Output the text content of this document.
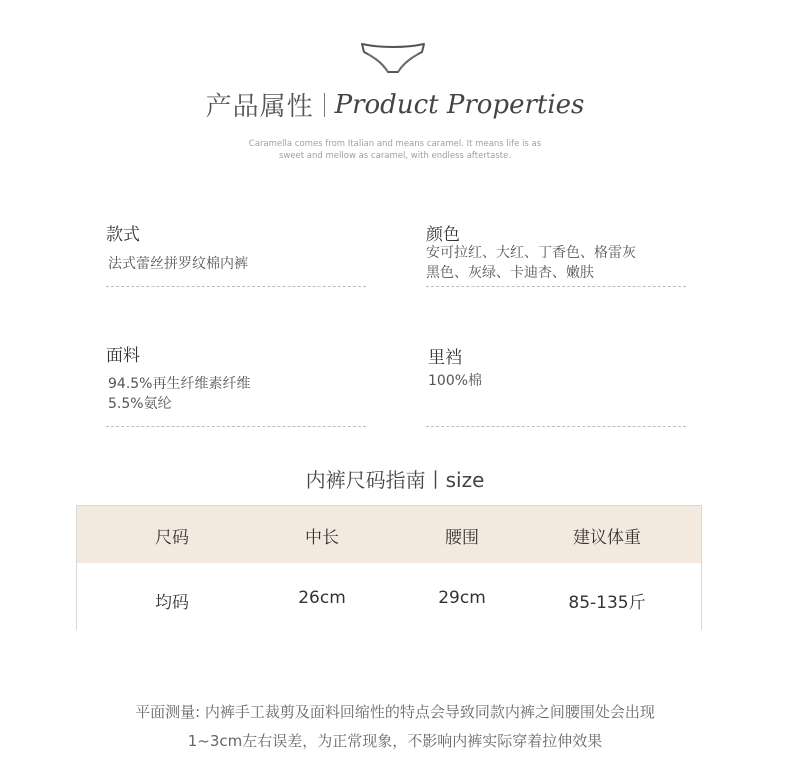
产品属性 Product Properties
Caramella comes from Italian and means caramel. It means life is as
sweet and mellow as caramel, with endless aftertaste.
款式
法式蕾丝拼罗纹棉内裤
颜色
安可拉红、大红、丁香色、格雷灰
黑色、灰绿、卡迪杏、嫩肤
面料
94.5%再生纤维素纤维
5.5%氨纶
里裆
100%棉
内裤尺码指南丨size
尺码	中长	腰围	建议体重
均码	26cm	29cm	85-135斤
平面测量: 内裤手工裁剪及面料回缩性的特点会导致同款内裤之间腰围处会出现
1~3cm左右误差，为正常现象，不影响内裤实际穿着拉伸效果
